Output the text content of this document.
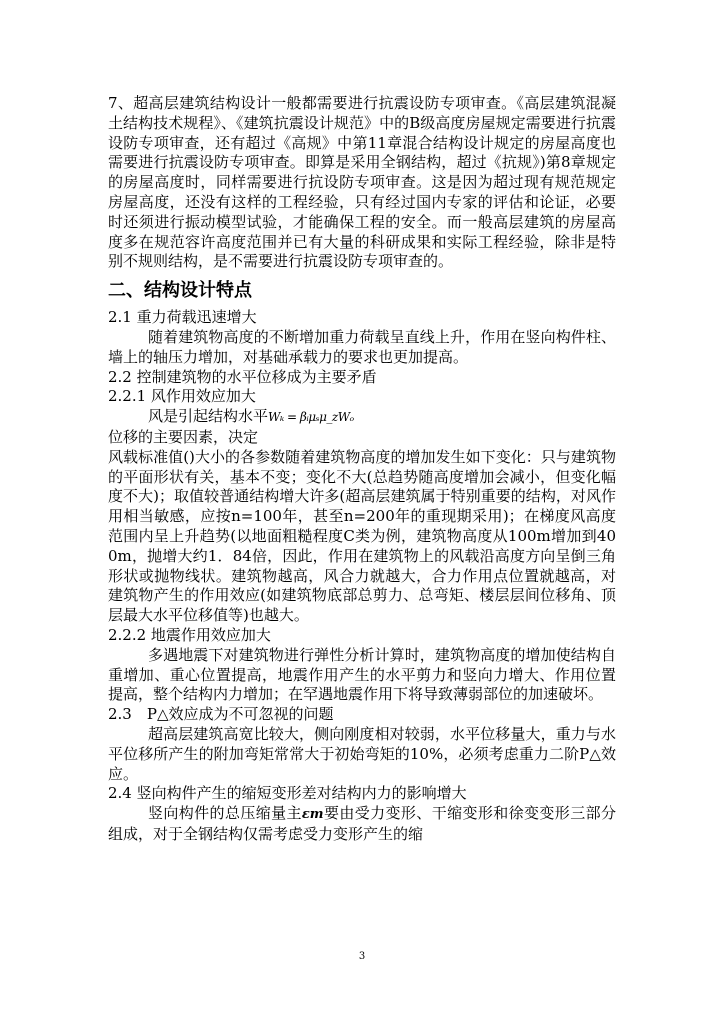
7、超高层建筑结构设计一般都需要进行抗震设防专项审查。《高层建筑混凝土结构技术规程》、《建筑抗震设计规范》中的B级高度房屋规定需要进行抗震设防专项审查，还有超过《高规》中第11章混合结构设计规定的房屋高度也需要进行抗震设防专项审查。即算是采用全钢结构，超过《抗规》)第8章规定的房屋高度时，同样需要进行抗设防专项审查。这是因为超过现有规范规定房屋高度，还没有这样的工程经验，只有经过国内专家的评估和论证，必要时还须进行振动模型试验，才能确保工程的安全。而一般高层建筑的房屋高度多在规范容许高度范围并已有大量的科研成果和实际工程经验，除非是特别不规则结构，是不需要进行抗震设防专项审查的。

二、结构设计特点

2.1 重力荷载迅速增大

随着建筑物高度的不断增加重力荷载呈直线上升，作用在竖向构件柱、墙上的轴压力增加，对基础承载力的要求也更加提高。

2.2 控制建筑物的水平位移成为主要矛盾

2.2.1 风作用效应加大

风是引起结构水平Wₖ = βᵢμₛμ_zWₒ

位移的主要因素，决定

风载标准值()大小的各参数随着建筑物高度的增加发生如下变化：只与建筑物的平面形状有关，基本不变；变化不大(总趋势随高度增加会减小，但变化幅度不大)；取值较普通结构增大许多(超高层建筑属于特别重要的结构，对风作用相当敏感，应按n=100年，甚至n=200年的重现期采用)；在梯度风高度范围内呈上升趋势(以地面粗糙程度C类为例，建筑物高度从100m增加到400m，抛增大约1．84倍，因此，作用在建筑物上的风载沿高度方向呈倒三角形状或抛物线状。建筑物越高，风合力就越大，合力作用点位置就越高，对建筑物产生的作用效应(如建筑物底部总剪力、总弯矩、楼层层间位移角、顶层最大水平位移值等)也越大。

2.2.2 地震作用效应加大

多遇地震下对建筑物进行弹性分析计算时，建筑物高度的增加使结构自重增加、重心位置提高，地震作用产生的水平剪力和竖向力增大、作用位置提高，整个结构内力增加；在罕遇地震作用下将导致薄弱部位的加速破坏。

2.3　P△效应成为不可忽视的问题

超高层建筑高宽比较大，侧向刚度相对较弱，水平位移量大，重力与水平位移所产生的附加弯矩常常大于初始弯矩的10%，必须考虑重力二阶P△效应。

2.4 竖向构件产生的缩短变形差对结构内力的影响增大

竖向构件的总压缩量主εт要由受力变形、干缩变形和徐变变形三部分组成，对于全钢结构仅需考虑受力变形产生的缩

3
